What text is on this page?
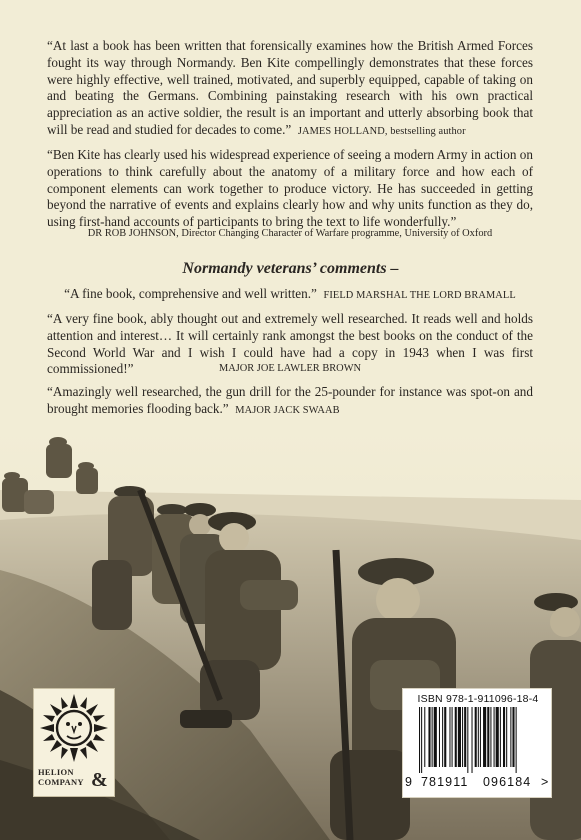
“At last a book has been written that forensically examines how the British Armed Forces fought its way through Normandy. Ben Kite compellingly demonstrates that these forces were highly effective, well trained, motivated, and superbly equipped, capable of taking on and beating the Germans. Combining painstaking research with his own practical appreciation as an active soldier, the result is an important and utterly absorbing book that will be read and studied for decades to come.” JAMES HOLLAND, bestselling author

“Ben Kite has clearly used his widespread experience of seeing a modern Army in action on operations to think carefully about the anatomy of a military force and how each of component elements can work together to produce victory. He has succeeded in getting beyond the narrative of events and explains clearly how and why units function as they do, using first-hand accounts of participants to bring the text to life wonderfully.”

DR ROB JOHNSON, Director Changing Character of Warfare programme, University of Oxford

Normandy veterans’ comments –

“A fine book, comprehensive and well written.” FIELD MARSHAL THE LORD BRAMALL

“A very fine book, ably thought out and extremely well researched. It reads well and holds attention and interest… It will certainly rank amongst the best books on the conduct of the Second World War and I wish I could have had a copy in 1943 when I was first commissioned!”	MAJOR JOE LAWLER BROWN

“Amazingly well researched, the gun drill for the 25-pounder for instance was spot-on and brought memories flooding back.” MAJOR JACK SWAAB

HELION
COMPANY &
ISBN 978-1-911096-18-4
9 781911 096184 >
